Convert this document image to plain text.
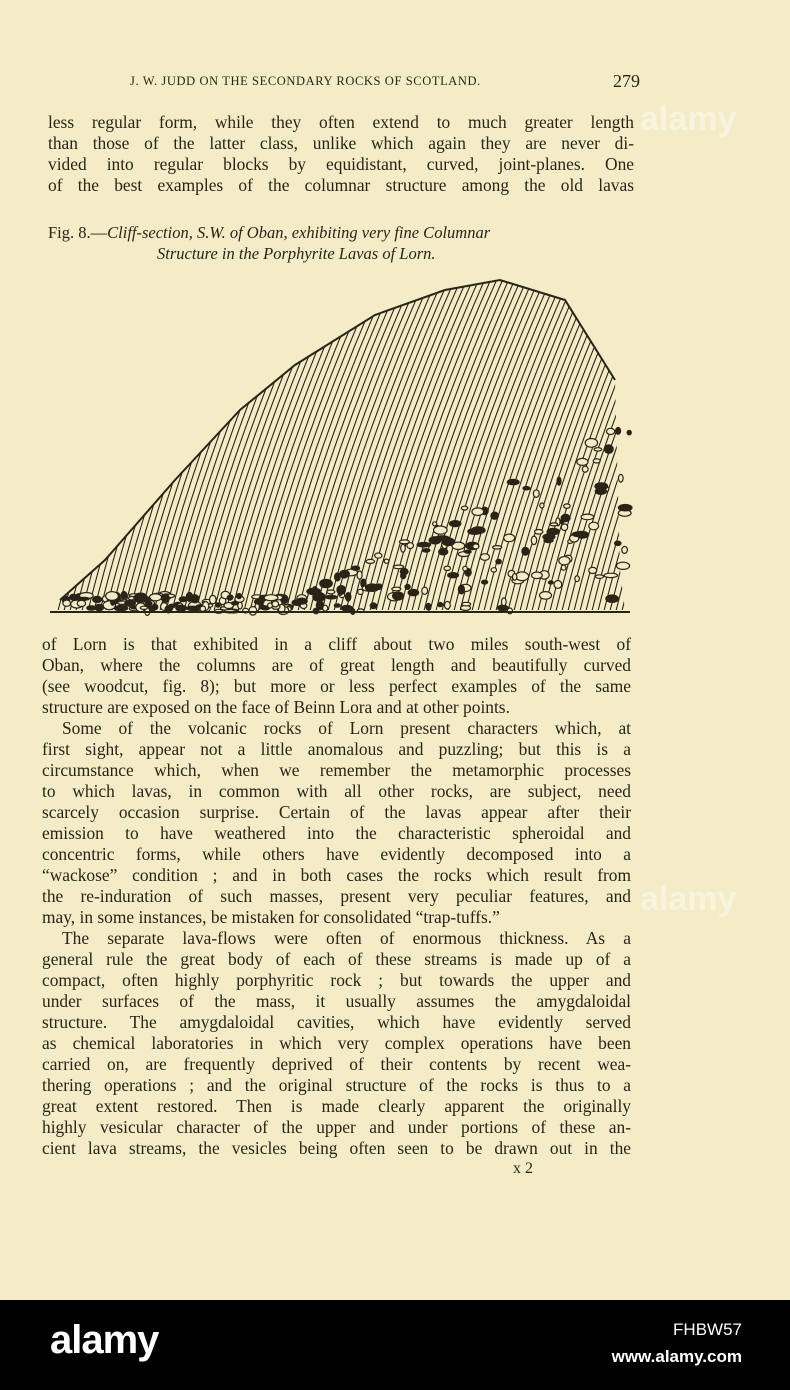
J. W. JUDD ON THE SECONDARY ROCKS OF SCOTLAND.	279
less regular form, while they often extend to much greater length
than those of the latter class, unlike which again they are never di-
vided into regular blocks by equidistant, curved, joint-planes. One
of the best examples of the columnar structure among the old lavas
Fig. 8.—Cliff-section, S.W. of Oban, exhibiting very fine Columnar
Structure in the Porphyrite Lavas of Lorn.
of Lorn is that exhibited in a cliff about two miles south-west of
Oban, where the columns are of great length and beautifully curved
(see woodcut, fig. 8); but more or less perfect examples of the same
structure are exposed on the face of Beinn Lora and at other points.
Some of the volcanic rocks of Lorn present characters which, at
first sight, appear not a little anomalous and puzzling; but this is a
circumstance which, when we remember the metamorphic processes
to which lavas, in common with all other rocks, are subject, need
scarcely occasion surprise. Certain of the lavas appear after their
emission to have weathered into the characteristic spheroidal and
concentric forms, while others have evidently decomposed into a
“wackose” condition ; and in both cases the rocks which result from
the re-induration of such masses, present very peculiar features, and
may, in some instances, be mistaken for consolidated “trap-tuffs.”
The separate lava-flows were often of enormous thickness. As a
general rule the great body of each of these streams is made up of a
compact, often highly porphyritic rock ; but towards the upper and
under surfaces of the mass, it usually assumes the amygdaloidal
structure. The amygdaloidal cavities, which have evidently served
as chemical laboratories in which very complex operations have been
carried on, are frequently deprived of their contents by recent wea-
thering operations ; and the original structure of the rocks is thus to a
great extent restored. Then is made clearly apparent the originally
highly vesicular character of the upper and under portions of these an-
cient lava streams, the vesicles being often seen to be drawn out in the
x 2
alamy
alamy
alamy	FHBW57
www.alamy.com
